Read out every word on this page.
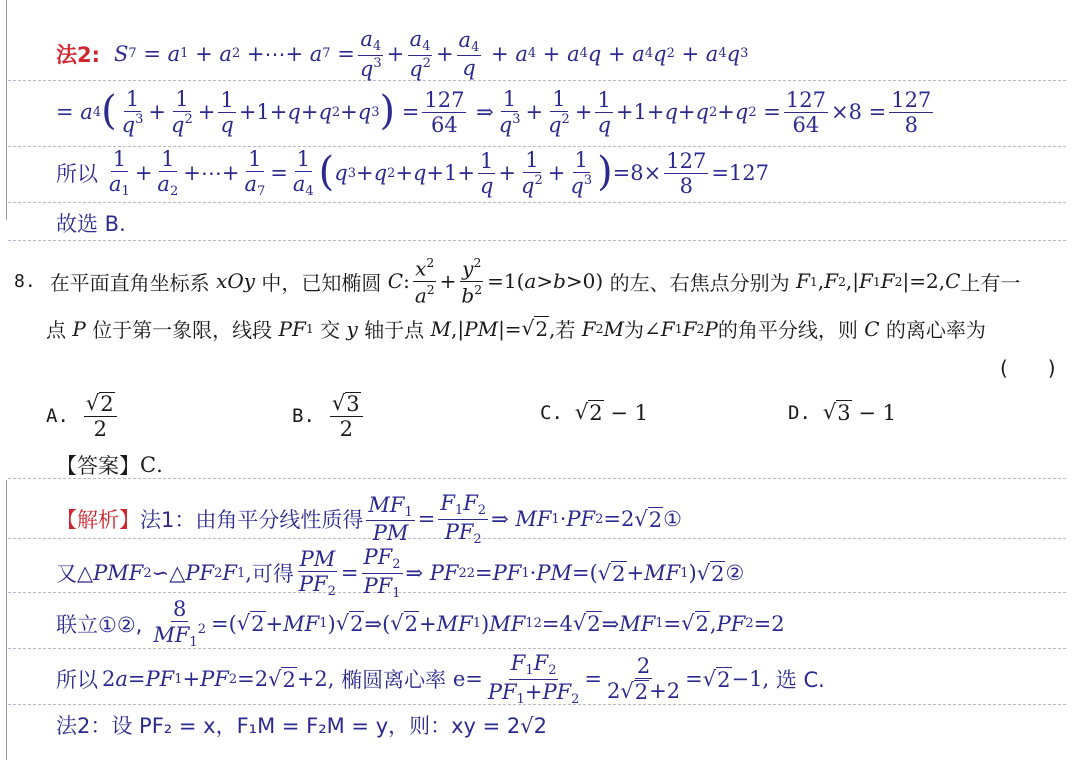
法2: S 7 = a 1 + a 2 +⋯+ a $7 = \frac{a_4}{q^3} + \frac{a_4}{q^2} + \frac{a_4}{q} + a$ 4 + a 4 q + a 4 q 2 + a 4 q 3
= a 4 ( $\frac{1}{q^3} + \frac{1}{q^2} + \frac{1}{q} +1+ q + q$ 2 + q 3 ) = $\frac{127}{64}$ ⇒ $\frac{1}{q^3} + \frac{1}{q^2} + \frac{1}{q} +1+ q + q$ 2 + q $2 = \frac{127}{64} \times 8 = \frac{127}{8}$
所以 $\frac{1}{a_1} + \frac{1}{a_2}$ +⋯+ $\frac{1}{a_7} = \frac{1}{a_4}$ ( q 3 + q $2 + q +1+ \frac{1}{q} + \frac{1}{q^2} + \frac{1}{q^3}$ ) $=8\times \frac{127}{8} =127$
故选 B.
8. 在平面直角坐标系
xOy
中，已知椭圆
C : $\frac{x^2}{a^2} + \frac{y^2}{b^2} =1$( a > b >0) 的左、右焦点分别为
F 1 , F 2 ,| F 1 F 2 |=2, C 上有一
点
P
位于第一象限，线段
PF 1
交
y
轴于点
M ,| PM |= √ 2 , 若
F 2 M 为 ∠ F 1 F 2 P 的角平分线，则
C
的离心率为
(　　)
A. $\frac{√ 2}{2}$	B. $\frac{√ 3}{2}$	C. √ 2 − 1	D. √ 3 − 1
【答案】 C .
【解析】 法1：由角平分线性质得 $\frac{MF_1}{PM} = \frac{F_1F_2}{PF_2}$ ⇒ MF 1 · PF 2 =2 √ 2 ①
又 △ PMF 2 ∽△ PF 2 F 1 , 可得 $\frac{PM}{PF_2} = \frac{PF_2}{PF_1}$ ⇒ PF 2 2 = PF 1 · PM =( √ 2 + MF 1 ) √ 2 ②
联立①②, $\frac{8}{MF_1^2}$ =( √ 2 + MF 1 ) √ 2 ⇒( √ 2 + MF 1 ) MF 1 2 =4 √ 2 ⇒ MF 1 = √ 2 , PF 2 =2
所以 2 a = PF 1 + PF 2 =2 √ 2 +2, 椭圆离心率 $e= \frac{F_1F_2}{PF_1+PF_2} = \frac{2}{2√ 2 +2}$ = √ 2 −1, 选 C.
法2：设 PF₂ = x，F₁M = F₂M = y，则：xy = 2√2
